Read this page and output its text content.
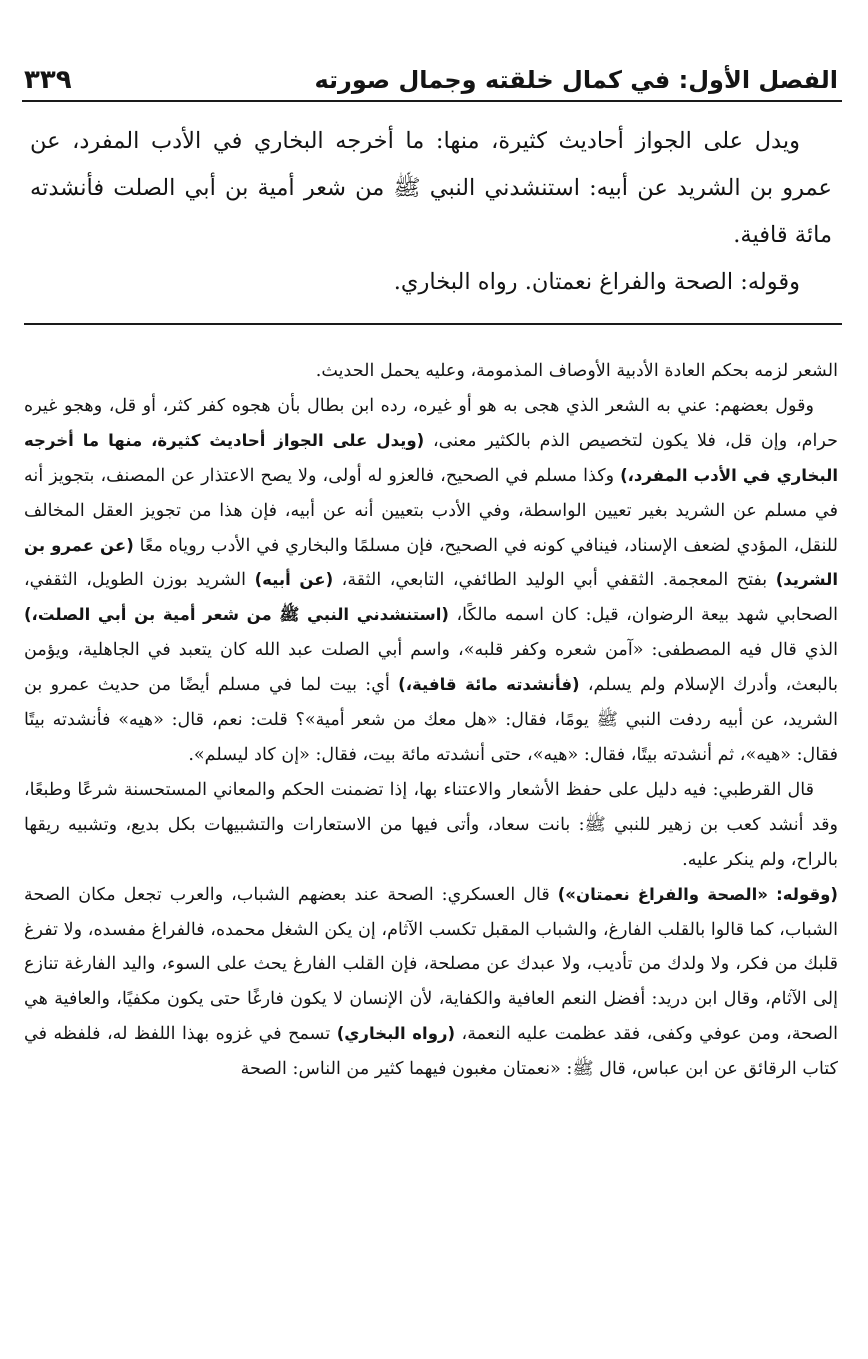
الفصل الأول: في كمال خلقته وجمال صورته
٣٣٩

ويدل على الجواز أحاديث كثيرة، منها: ما أخرجه البخاري في الأدب المفرد، عن عمرو بن الشريد عن أبيه: استنشدني النبي ﷺ من شعر أمية بن أبي الصلت فأنشدته مائة قافية.

وقوله: الصحة والفراغ نعمتان. رواه البخاري.

الشعر لزمه بحكم العادة الأدبية الأوصاف المذمومة، وعليه يحمل الحديث.

وقول بعضهم: عني به الشعر الذي هجى به هو أو غيره، رده ابن بطال بأن هجوه كفر كثر، أو قل، وهجو غيره حرام، وإن قل، فلا يكون لتخصيص الذم بالكثير معنى، (ويدل على الجواز أحاديث كثيرة، منها ما أخرجه البخاري في الأدب المفرد،) وكذا مسلم في الصحيح، فالعزو له أولى، ولا يصح الاعتذار عن المصنف، بتجويز أنه في مسلم عن الشريد بغير تعيين الواسطة، وفي الأدب بتعيين أنه عن أبيه، فإن هذا من تجويز العقل المخالف للنقل، المؤدي لضعف الإسناد، فينافي كونه في الصحيح، فإن مسلمًا والبخاري في الأدب روياه معًا (عن عمرو بن الشريد) بفتح المعجمة. الثقفي أبي الوليد الطائفي، التابعي، الثقة، (عن أبيه) الشريد بوزن الطويل، الثقفي، الصحابي شهد بيعة الرضوان، قيل: كان اسمه مالكًا، (استنشدني النبي ﷺ من شعر أمية بن أبي الصلت،) الذي قال فيه المصطفى: «آمن شعره وكفر قلبه»، واسم أبي الصلت عبد الله كان يتعبد في الجاهلية، ويؤمن بالبعث، وأدرك الإسلام ولم يسلم، (فأنشدته مائة قافية،) أي: بيت لما في مسلم أيضًا من حديث عمرو بن الشريد، عن أبيه ردفت النبي ﷺ يومًا، فقال: «هل معك من شعر أمية»؟ قلت: نعم، قال: «هيه» فأنشدته بيتًا فقال: «هيه»، ثم أنشدته بيتًا، فقال: «هيه»، حتى أنشدته مائة بيت، فقال: «إن كاد ليسلم».

قال القرطبي: فيه دليل على حفظ الأشعار والاعتناء بها، إذا تضمنت الحكم والمعاني المستحسنة شرعًا وطبعًا، وقد أنشد كعب بن زهير للنبي ﷺ: بانت سعاد، وأتى فيها من الاستعارات والتشبيهات بكل بديع، وتشبيه ريقها بالراح، ولم ينكر عليه.

(وقوله: «الصحة والفراغ نعمتان») قال العسكري: الصحة عند بعضهم الشباب، والعرب تجعل مكان الصحة الشباب، كما قالوا بالقلب الفارغ، والشباب المقبل تكسب الآثام، إن يكن الشغل محمده، فالفراغ مفسده، ولا تفرغ قلبك من فكر، ولا ولدك من تأديب، ولا عبدك عن مصلحة، فإن القلب الفارغ يحث على السوء، واليد الفارغة تنازع إلى الآثام، وقال ابن دريد: أفضل النعم العافية والكفاية، لأن الإنسان لا يكون فارغًا حتى يكون مكفيًا، والعافية هي الصحة، ومن عوفي وكفى، فقد عظمت عليه النعمة، (رواه البخاري) تسمح في غزوه بهذا اللفظ له، فلفظه في كتاب الرقائق عن ابن عباس، قال ﷺ: «نعمتان مغبون فيهما كثير من الناس: الصحة
